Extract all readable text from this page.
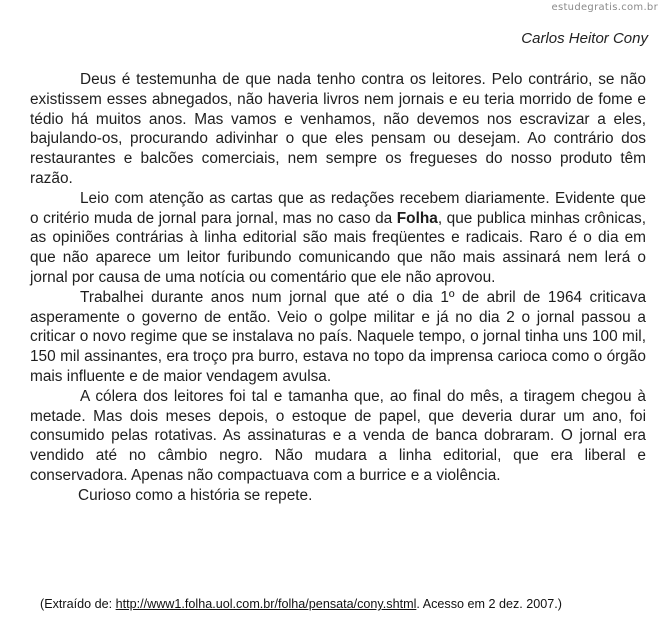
estudegratis.com.br
Carlos Heitor Cony

Deus é testemunha de que nada tenho contra os leitores. Pelo contrário, se não existissem esses abnegados, não haveria livros nem jornais e eu teria morrido de fome e tédio há muitos anos. Mas vamos e venhamos, não devemos nos escravizar a eles, bajulando-os, procurando adivinhar o que eles pensam ou desejam. Ao contrário dos restaurantes e balcões comerciais, nem sempre os fregueses do nosso produto têm razão.

Leio com atenção as cartas que as redações recebem diariamente. Evidente que o critério muda de jornal para jornal, mas no caso da Folha, que publica minhas crônicas, as opiniões contrárias à linha editorial são mais freqüentes e radicais. Raro é o dia em que não aparece um leitor furibundo comunicando que não mais assinará nem lerá o jornal por causa de uma notícia ou comentário que ele não aprovou.

Trabalhei durante anos num jornal que até o dia 1º de abril de 1964 criticava asperamente o governo de então. Veio o golpe militar e já no dia 2 o jornal passou a criticar o novo regime que se instalava no país. Naquele tempo, o jornal tinha uns 100 mil, 150 mil assinantes, era troço pra burro, estava no topo da imprensa carioca como o órgão mais influente e de maior vendagem avulsa.

A cólera dos leitores foi tal e tamanha que, ao final do mês, a tiragem chegou à metade. Mas dois meses depois, o estoque de papel, que deveria durar um ano, foi consumido pelas rotativas. As assinaturas e a venda de banca dobraram. O jornal era vendido até no câmbio negro. Não mudara a linha editorial, que era liberal e conservadora. Apenas não compactuava com a burrice e a violência.

Curioso como a história se repete.

(Extraído de: http://www1.folha.uol.com.br/folha/pensata/cony.shtml. Acesso em 2 dez. 2007.)
